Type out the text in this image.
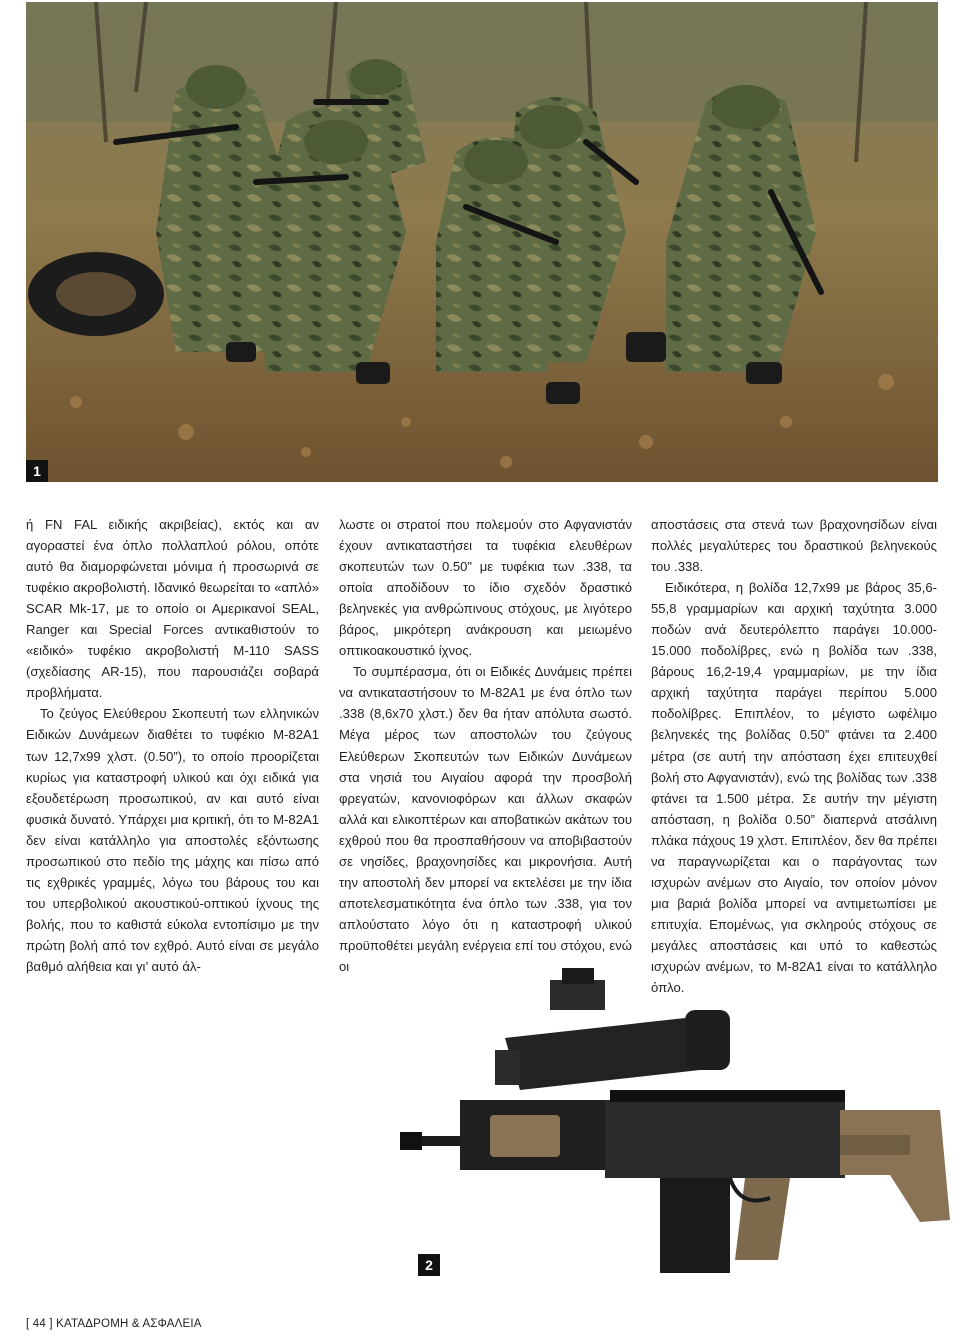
1

ή FN FAL ειδικής ακριβείας), εκτός και αν αγοραστεί ένα όπλο πολλαπλού ρόλου, οπότε αυτό θα διαμορφώνεται μόνιμα ή προσωρινά σε τυφέκιο ακροβολιστή. Ιδανικό θεωρείται το «απλό» SCAR Mk-17, με το οποίο οι Αμερικανοί SEAL, Ranger και Special Forces αντικαθιστούν το «ειδικό» τυφέκιο ακροβολιστή M-110 SASS (σχεδίασης AR-15), που παρουσιάζει σοβαρά προβλήματα.

Το ζεύγος Ελεύθερου Σκοπευτή των ελληνικών Ειδικών Δυνάμεων διαθέτει το τυφέκιο M-82A1 των 12,7x99 χλστ. (0.50”), το οποίο προορίζεται κυρίως για καταστροφή υλικού και όχι ειδικά για εξουδετέρωση προσωπικού, αν και αυτό είναι φυσικά δυνατό. Υπάρχει μια κριτική, ότι το M-82A1 δεν είναι κατάλληλο για αποστολές εξόντωσης προσωπικού στο πεδίο της μάχης και πίσω από τις εχθρικές γραμμές, λόγω του βάρους του και του υπερβολικού ακουστικού-οπτικού ίχνους της βολής, που το καθιστά εύκολα εντοπίσιμο με την πρώτη βολή από τον εχθρό. Αυτό είναι σε μεγάλο βαθμό αλήθεια και γι’ αυτό άλ-

λωστε οι στρατοί που πολεμούν στο Αφγανιστάν έχουν αντικαταστήσει τα τυφέκια ελευθέρων σκοπευτών των 0.50” με τυφέκια των .338, τα οποία αποδίδουν το ίδιο σχεδόν δραστικό βεληνεκές για ανθρώπινους στόχους, με λιγότερο βάρος, μικρότερη ανάκρουση και μειωμένο οπτικοακουστικό ίχνος.

Το συμπέρασμα, ότι οι Ειδικές Δυνάμεις πρέπει να αντικαταστήσουν το M-82A1 με ένα όπλο των .338 (8,6x70 χλστ.) δεν θα ήταν απόλυτα σωστό. Μέγα μέρος των αποστολών του ζεύγους Ελεύθερων Σκοπευτών των Ειδικών Δυνάμεων στα νησιά του Αιγαίου αφορά την προσβολή φρεγατών, κανονιοφόρων και άλλων σκαφών αλλά και ελικοπτέρων και αποβατικών ακάτων του εχθρού που θα προσπαθήσουν να αποβιβαστούν σε νησίδες, βραχονησίδες και μικρονήσια. Αυτή την αποστολή δεν μπορεί να εκτελέσει με την ίδια αποτελεσματικότητα ένα όπλο των .338, για τον απλούστατο λόγο ότι η καταστροφή υλικού προϋποθέτει μεγάλη ενέργεια επί του στόχου, ενώ οι

αποστάσεις στα στενά των βραχονησίδων είναι πολλές μεγαλύτερες του δραστικού βεληνεκούς του .338.

Ειδικότερα, η βολίδα 12,7x99 με βάρος 35,6-55,8 γραμμαρίων και αρχική ταχύτητα 3.000 ποδών ανά δευτερόλεπτο παράγει 10.000-15.000 ποδολίβρες, ενώ η βολίδα των .338, βάρους 16,2-19,4 γραμμαρίων, με την ίδια αρχική ταχύτητα παράγει περίπου 5.000 ποδολίβρες. Επιπλέον, το μέγιστο ωφέλιμο βεληνεκές της βολίδας 0.50” φτάνει τα 2.400 μέτρα (σε αυτή την απόσταση έχει επιτευχθεί βολή στο Αφγανιστάν), ενώ της βολίδας των .338 φτάνει τα 1.500 μέτρα. Σε αυτήν την μέγιστη απόσταση, η βολίδα 0.50” διαπερνά ατσάλινη πλάκα πάχους 19 χλστ. Επιπλέον, δεν θα πρέπει να παραγνωρίζεται και ο παράγοντας των ισχυρών ανέμων στο Αιγαίο, τον οποίον μόνον μια βαριά βολίδα μπορεί να αντιμετωπίσει με επιτυχία. Επομένως, για σκληρούς στόχους σε μεγάλες αποστάσεις και υπό το καθεστώς ισχυρών ανέμων, το M-82A1 είναι το κατάλληλο όπλο.

2
[ 44 ] ΚΑΤΑΔΡΟΜΗ & ΑΣΦΑΛΕΙΑ
